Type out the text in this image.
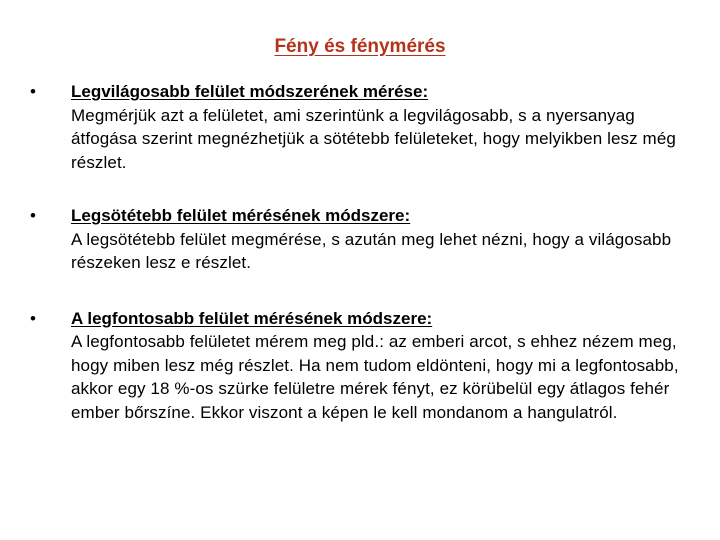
Fény és fénymérés
• Legvilágosabb felület módszerének mérése:
Megmérjük azt a felületet, ami szerintünk a legvilágosabb, s a nyersanyag átfogása szerint megnézhetjük a sötétebb felületeket, hogy melyikben lesz még részlet.
• Legsötétebb felület mérésének módszere:
A legsötétebb felület megmérése, s azután meg lehet nézni, hogy a világosabb részeken lesz e részlet.
• A legfontosabb felület mérésének módszere:
A legfontosabb felületet mérem meg pld.: az emberi arcot, s ehhez nézem meg, hogy miben lesz még részlet. Ha nem tudom eldönteni, hogy mi a legfontosabb, akkor egy 18 %-os szürke felületre mérek fényt, ez körübelül egy átlagos fehér ember bőrszíne. Ekkor viszont a képen le kell mondanom a hangulatról.
